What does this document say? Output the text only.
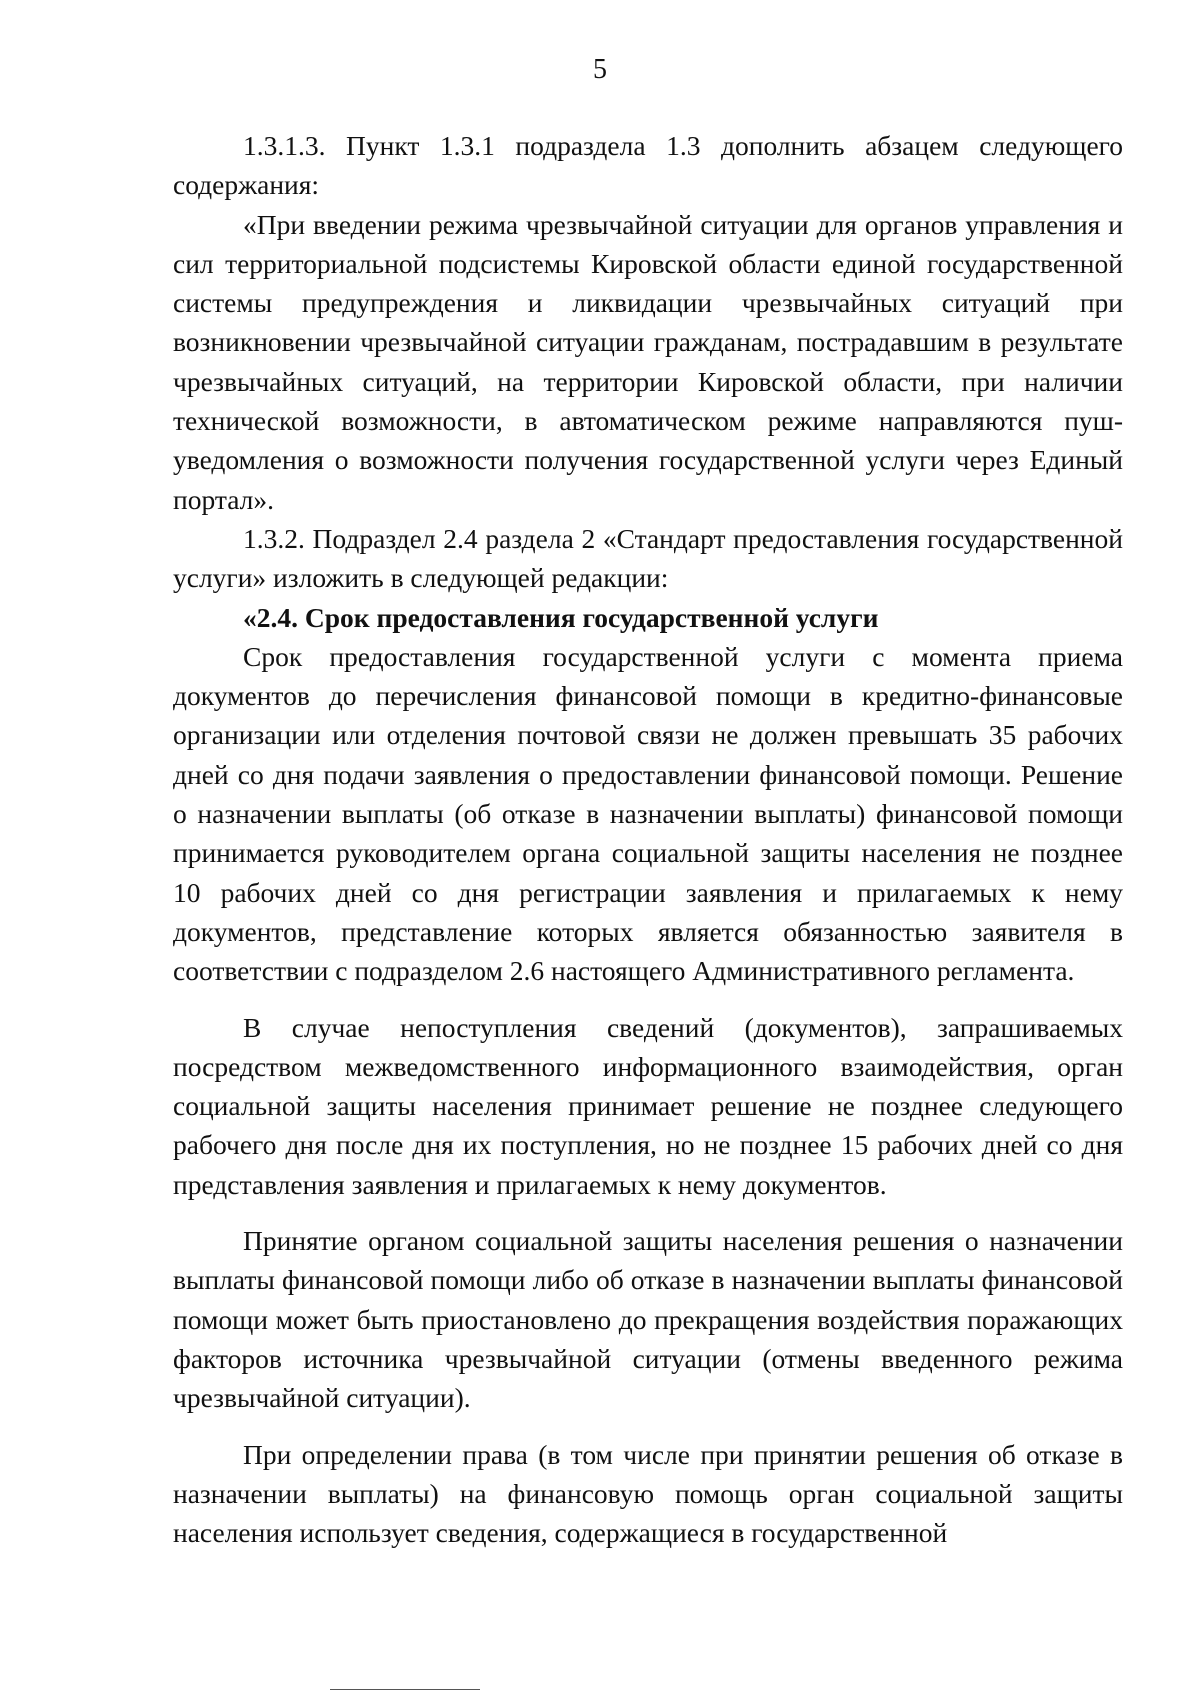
5

1.3.1.3. Пункт 1.3.1 подраздела 1.3 дополнить абзацем следующего содержания:

«При введении режима чрезвычайной ситуации для органов управления и сил территориальной подсистемы Кировской области единой государственной системы предупреждения и ликвидации чрезвычайных ситуаций при возникновении чрезвычайной ситуации гражданам, пострадавшим в результате чрезвычайных ситуаций, на территории Кировской области, при наличии технической возможности, в автоматическом режиме направляются пуш-уведомления о возможности получения государственной услуги через Единый портал».

1.3.2. Подраздел 2.4 раздела 2 «Стандарт предоставления государственной услуги» изложить в следующей редакции:

«2.4. Срок предоставления государственной услуги

Срок предоставления государственной услуги с момента приема документов до перечисления финансовой помощи в кредитно-финансовые организации или отделения почтовой связи не должен превышать 35 рабочих дней со дня подачи заявления о предоставлении финансовой помощи. Решение о назначении выплаты (об отказе в назначении выплаты) финансовой помощи принимается руководителем органа социальной защиты населения не позднее 10 рабочих дней со дня регистрации заявления и прилагаемых к нему документов, представление которых является обязанностью заявителя в соответствии с подразделом 2.6 настоящего Административного регламента.

В случае непоступления сведений (документов), запрашиваемых посредством межведомственного информационного взаимодействия, орган социальной защиты населения принимает решение не позднее следующего рабочего дня после дня их поступления, но не позднее 15 рабочих дней со дня представления заявления и прилагаемых к нему документов.

Принятие органом социальной защиты населения решения о назначении выплаты финансовой помощи либо об отказе в назначении выплаты финансовой помощи может быть приостановлено до прекращения воздействия поражающих факторов источника чрезвычайной ситуации (отмены введенного режима чрезвычайной ситуации).

При определении права (в том числе при принятии решения об отказе в назначении выплаты) на финансовую помощь орган социальной защиты населения использует сведения, содержащиеся в государственной
